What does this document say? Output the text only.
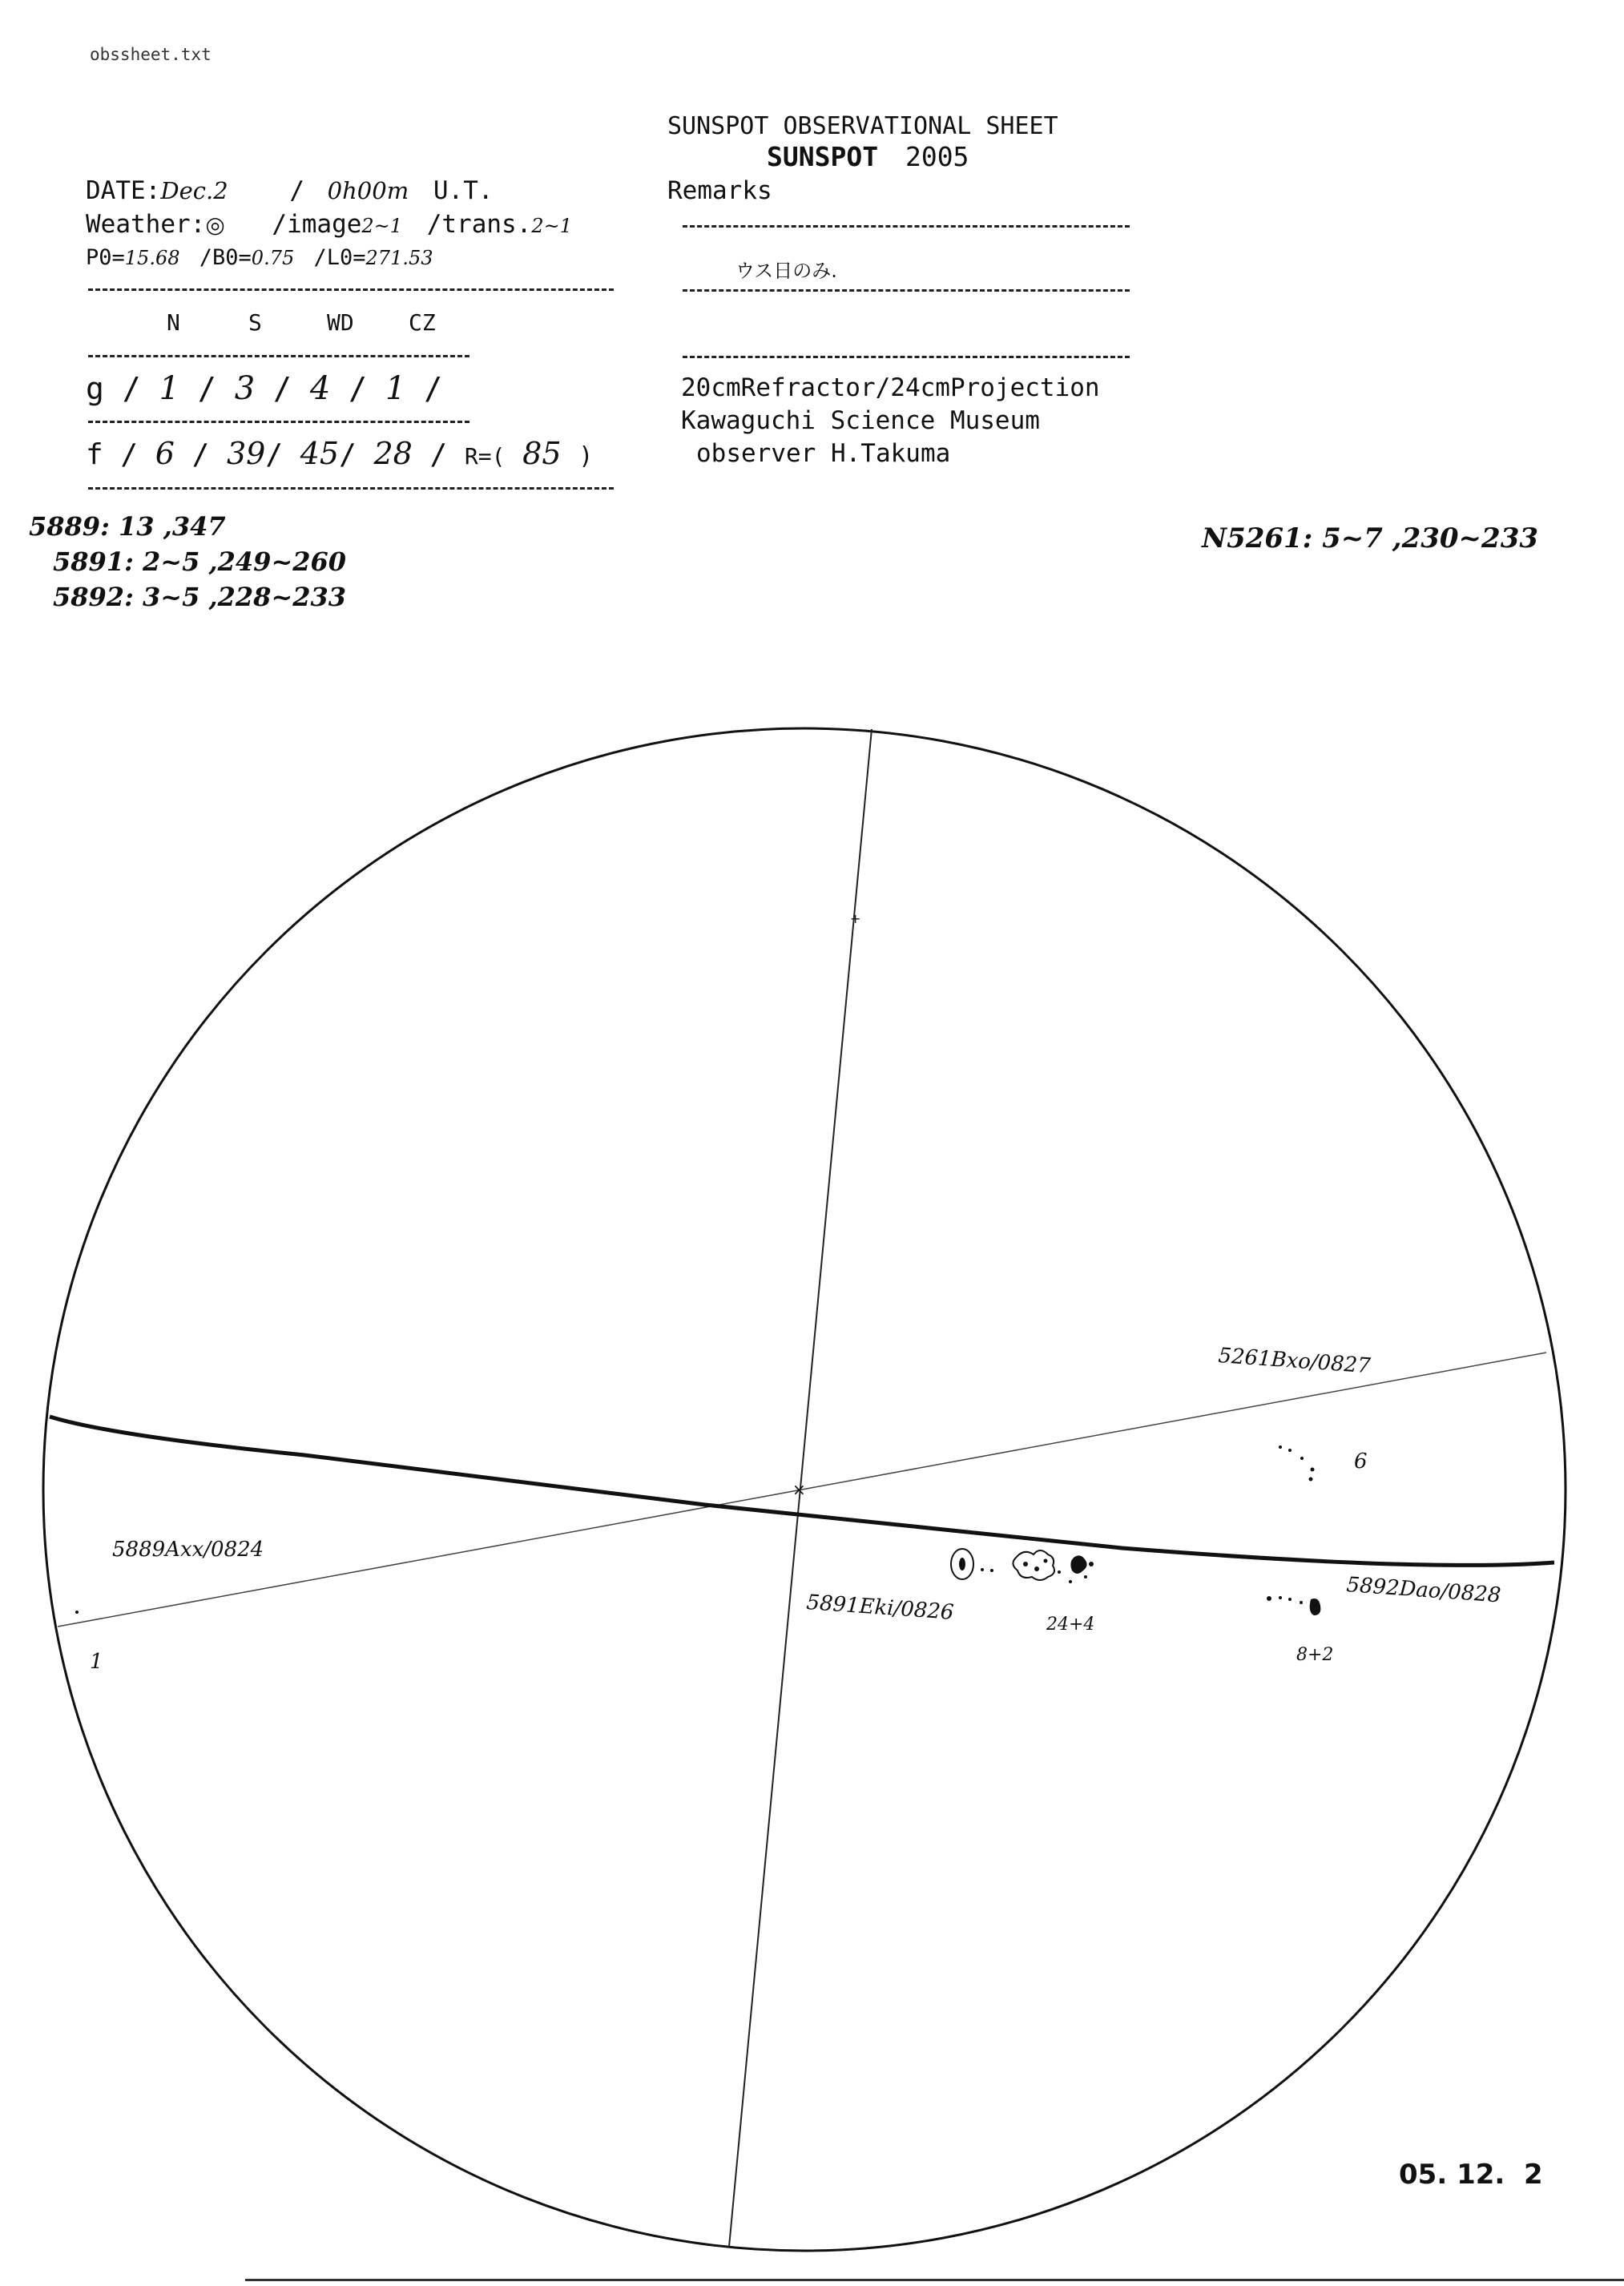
obssheet.txt
SUNSPOT OBSERVATIONAL SHEET
SUNSPOT 2005
DATE:Dec.2 / 0h00m U.T.
Weather:◎ /image2~1 /trans.2~1
P0=15.68 /B0=0.75 /L0=271.53
N	S	WD CZ
g / 1 / 3 / 4 / 1 /
f / 6 / 39/ 45/ 28 / R=( 85 )
Remarks
ウス日のみ.
20cmRefractor/24cmProjection
Kawaguchi Science Museum
observer H.Takuma
5889: 13 ,347
5891: 2~5 ,249~260
5892: 3~5 ,228~233
N5261: 5~7 ,230~233
×
+
5261Bxo/0827
6
5889Axx/0824
1
5891Eki/0826	24+4
5892Dao/0828
8+2
05. 12.  2
